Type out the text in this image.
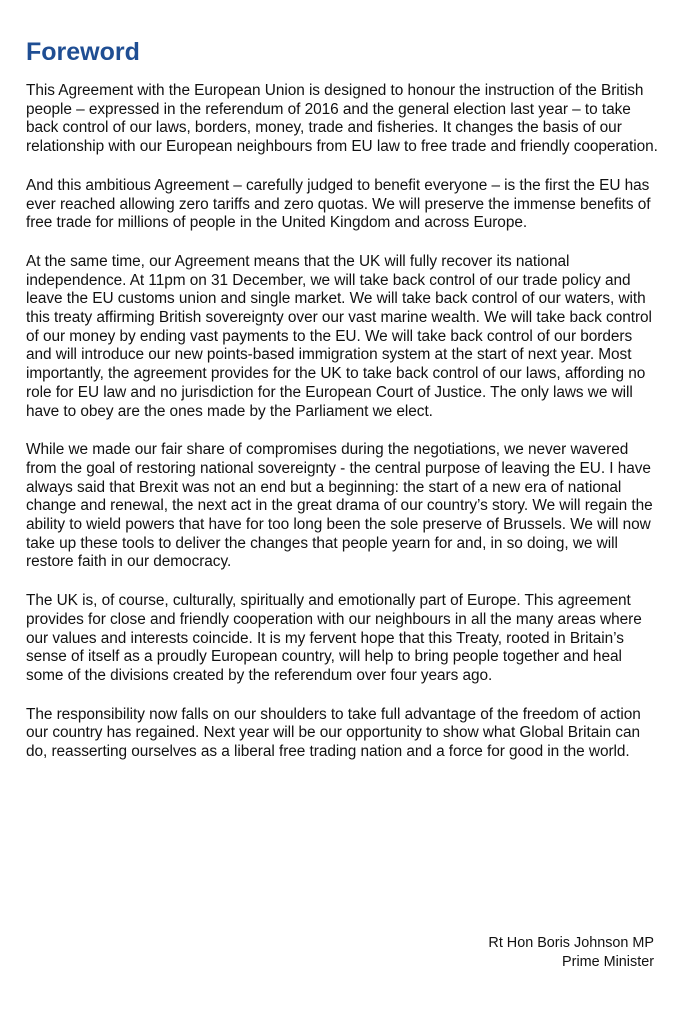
Foreword

This Agreement with the European Union is designed to honour the instruction of the British people – expressed in the referendum of 2016 and the general election last year – to take back control of our laws, borders, money, trade and fisheries. It changes the basis of our relationship with our European neighbours from EU law to free trade and friendly cooperation.

And this ambitious Agreement – carefully judged to benefit everyone – is the first the EU has ever reached allowing zero tariffs and zero quotas. We will preserve the immense benefits of free trade for millions of people in the United Kingdom and across Europe.

At the same time, our Agreement means that the UK will fully recover its national independence. At 11pm on 31 December, we will take back control of our trade policy and leave the EU customs union and single market. We will take back control of our waters, with this treaty affirming British sovereignty over our vast marine wealth. We will take back control of our money by ending vast payments to the EU. We will take back control of our borders and will introduce our new points-based immigration system at the start of next year. Most importantly, the agreement provides for the UK to take back control of our laws, affording no role for EU law and no jurisdiction for the European Court of Justice. The only laws we will have to obey are the ones made by the Parliament we elect.

While we made our fair share of compromises during the negotiations, we never wavered from the goal of restoring national sovereignty - the central purpose of leaving the EU. I have always said that Brexit was not an end but a beginning: the start of a new era of national change and renewal, the next act in the great drama of our country’s story. We will regain the ability to wield powers that have for too long been the sole preserve of Brussels. We will now take up these tools to deliver the changes that people yearn for and, in so doing, we will restore faith in our democracy.

The UK is, of course, culturally, spiritually and emotionally part of Europe. This agreement provides for close and friendly cooperation with our neighbours in all the many areas where our values and interests coincide. It is my fervent hope that this Treaty, rooted in Britain’s sense of itself as a proudly European country, will help to bring people together and heal some of the divisions created by the referendum over four years ago.

The responsibility now falls on our shoulders to take full advantage of the freedom of action our country has regained. Next year will be our opportunity to show what Global Britain can do, reasserting ourselves as a liberal free trading nation and a force for good in the world.

Rt Hon Boris Johnson MP
Prime Minister
